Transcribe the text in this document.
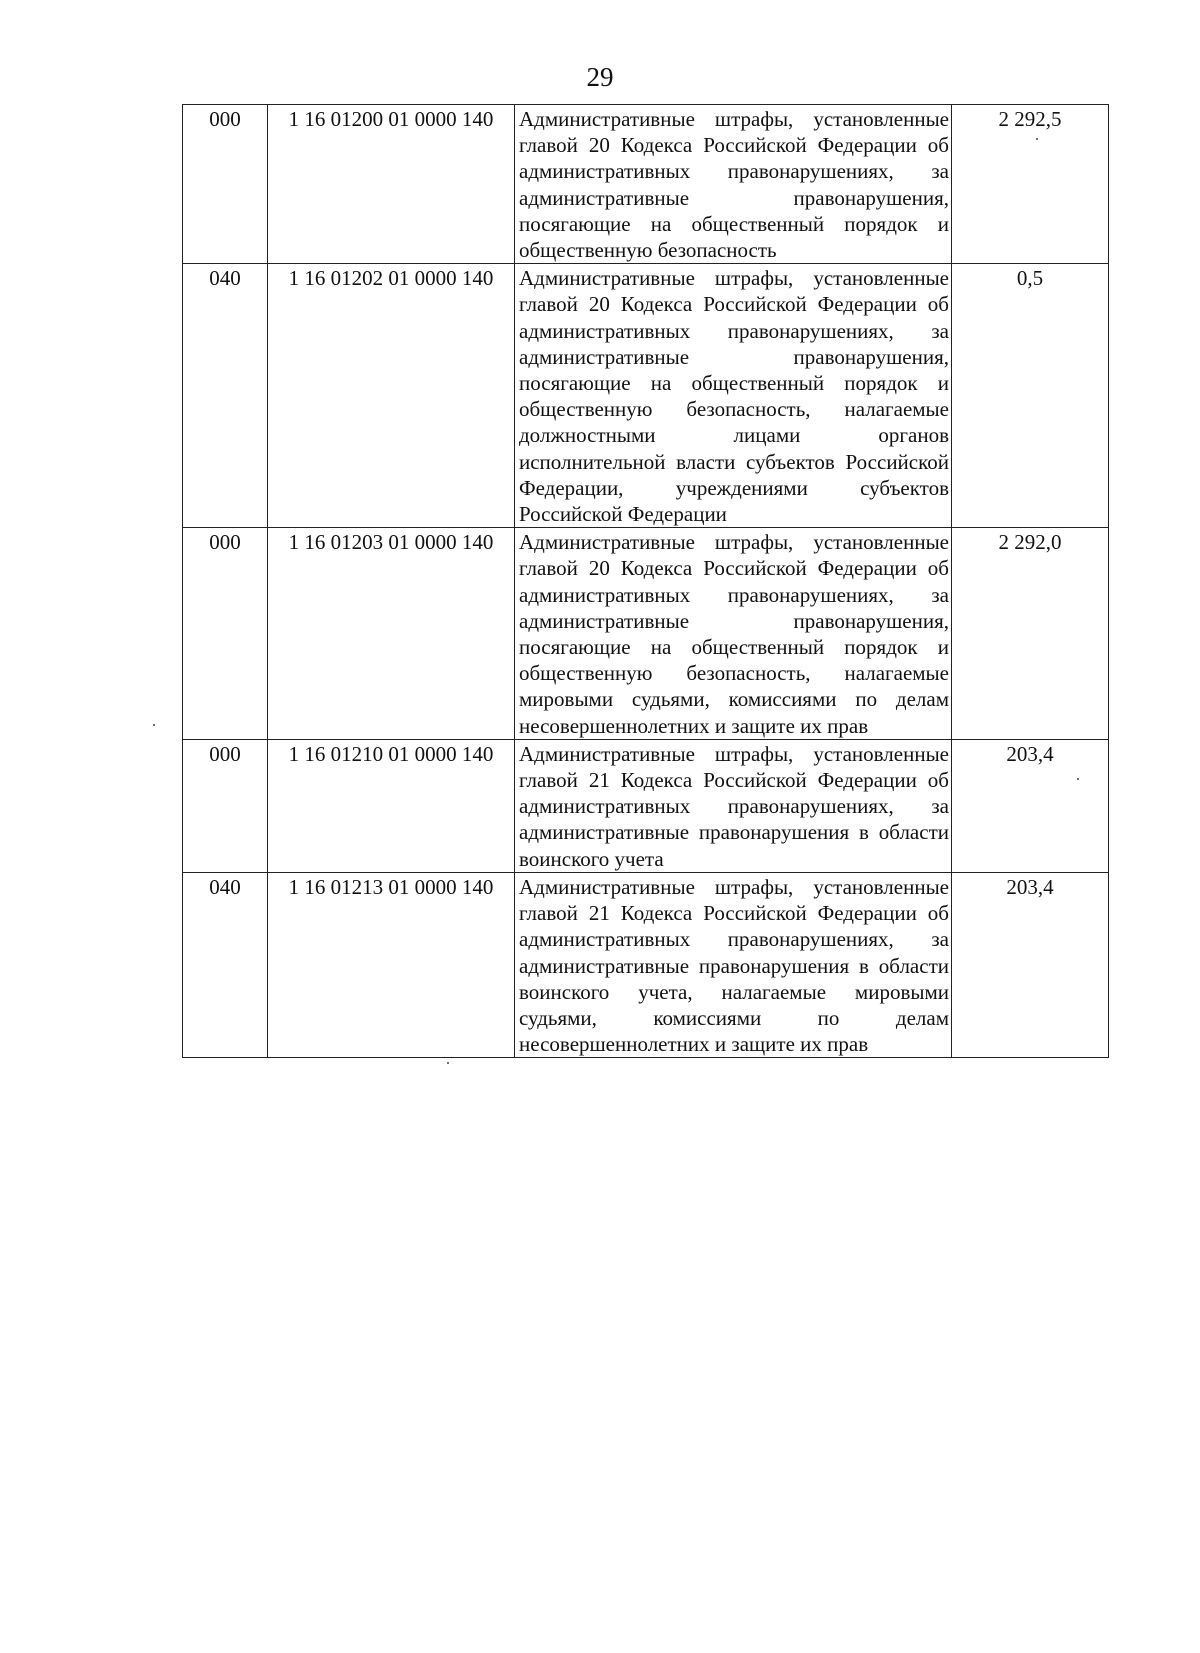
29
000	1 16 01200 01 0000 140	Административные штрафы, установленные главой 20 Кодекса Российской Федерации об административных правонарушениях, за административные правонарушения, посягающие на общественный порядок и общественную безопасность	2 292,5
040	1 16 01202 01 0000 140	Административные штрафы, установленные главой 20 Кодекса Российской Федерации об административных правонарушениях, за административные правонарушения, посягающие на общественный порядок и общественную безопасность, налагаемые должностными лицами органов исполнительной власти субъектов Российской Федерации, учреждениями субъектов Российской Федерации	0,5
000	1 16 01203 01 0000 140	Административные штрафы, установленные главой 20 Кодекса Российской Федерации об административных правонарушениях, за административные правонарушения, посягающие на общественный порядок и общественную безопасность, налагаемые мировыми судьями, комиссиями по делам несовершеннолетних и защите их прав	2 292,0
000	1 16 01210 01 0000 140	Административные штрафы, установленные главой 21 Кодекса Российской Федерации об административных правонарушениях, за административные правонарушения в области воинского учета	203,4
040	1 16 01213 01 0000 140	Административные штрафы, установленные главой 21 Кодекса Российской Федерации об административных правонарушениях, за административные правонарушения в области воинского учета, налагаемые мировыми судьями, комиссиями по делам несовершеннолетних и защите их прав	203,4
